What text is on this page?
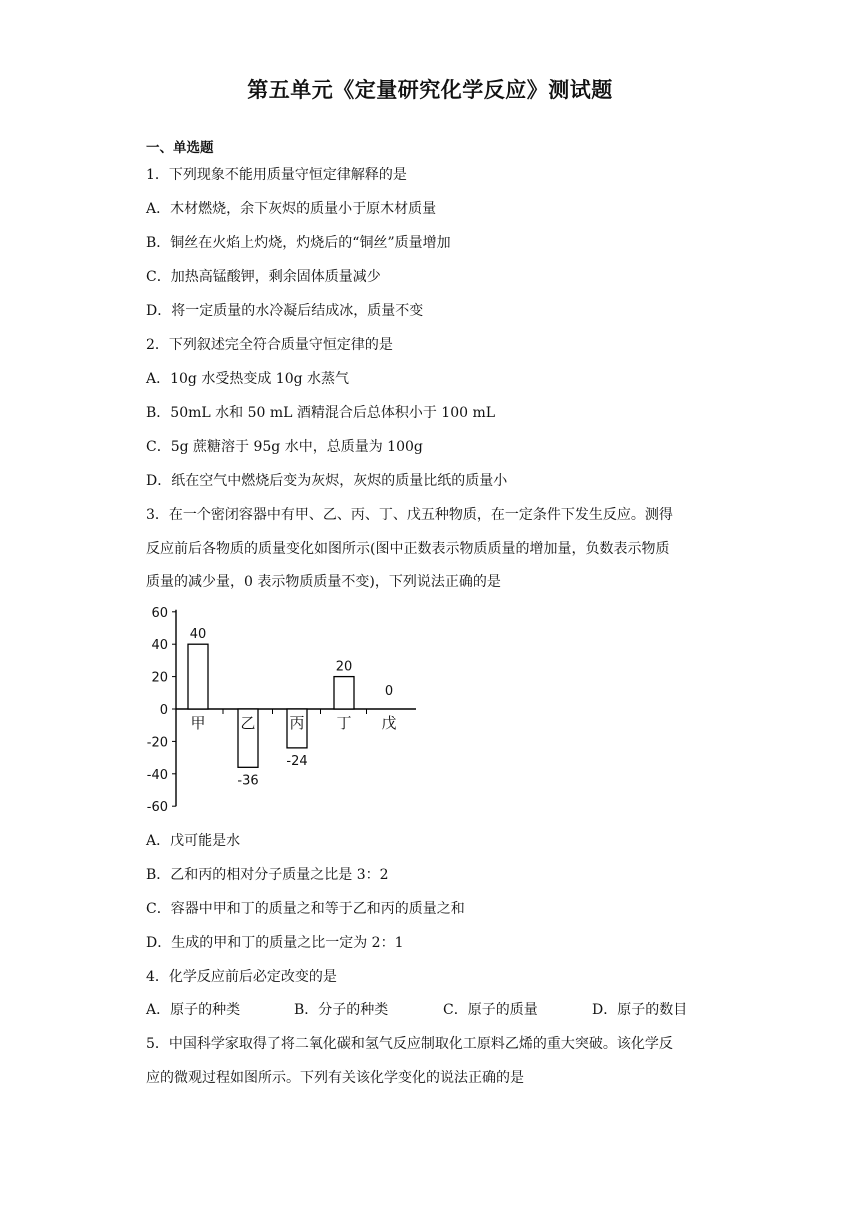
第五单元《定量研究化学反应》测试题
一、单选题
1．下列现象不能用质量守恒定律解释的是
A．木材燃烧，余下灰烬的质量小于原木材质量
B．铜丝在火焰上灼烧，灼烧后的“铜丝”质量增加
C．加热高锰酸钾，剩余固体质量减少
D．将一定质量的水冷凝后结成冰，质量不变
2．下列叙述完全符合质量守恒定律的是
A．10g 水受热变成 10g 水蒸气
B．50mL 水和 50 mL 酒精混合后总体积小于 100 mL
C．5g 蔗糖溶于 95g 水中，总质量为 100g
D．纸在空气中燃烧后变为灰烬，灰烬的质量比纸的质量小
3．在一个密闭容器中有甲、乙、丙、丁、戊五种物质，在一定条件下发生反应。测得
反应前后各物质的质量变化如图所示(图中正数表示物质质量的增加量，负数表示物质
质量的减少量，0 表示物质质量不变)，下列说法正确的是
60
40
20
0
-20
-40
-60
甲
40
乙
-36
丙
-24
丁
20
戊
0
A．戊可能是水
B．乙和丙的相对分子质量之比是 3：2
C．容器中甲和丁的质量之和等于乙和丙的质量之和
D．生成的甲和丁的质量之比一定为 2：1
4．化学反应前后必定改变的是
A．原子的种类	B．分子的种类	C．原子的质量	D．原子的数目
5．中国科学家取得了将二氧化碳和氢气反应制取化工原料乙烯的重大突破。该化学反
应的微观过程如图所示。下列有关该化学变化的说法正确的是
